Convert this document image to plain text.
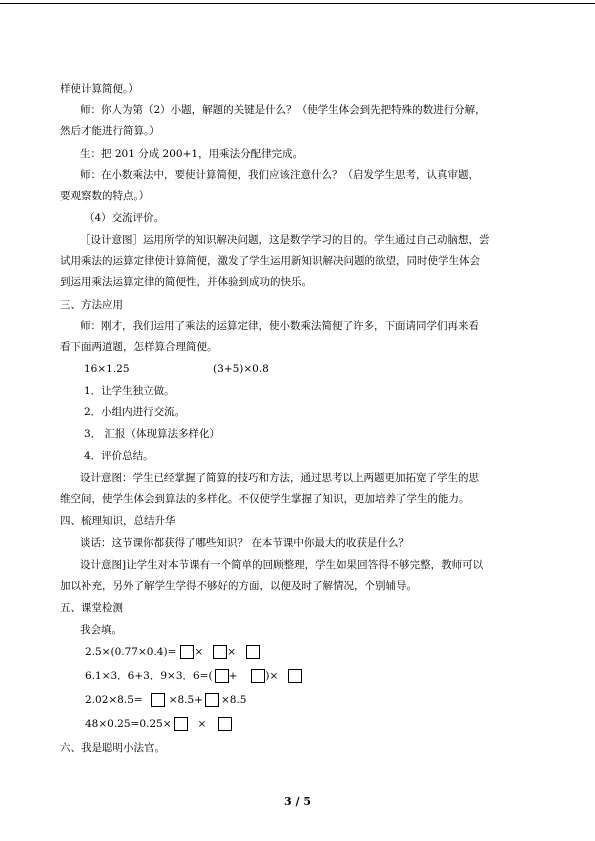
样使计算简便。）
师：你人为第（2）小题，解题的关键是什么？（使学生体会到先把特殊的数进行分解，
然后才能进行简算。）
生：把 201 分成 200+1，用乘法分配律完成。
师：在小数乘法中，要使计算简便，我们应该注意什么？（启发学生思考，认真审题，
要观察数的特点。）
（4）交流评价。
［设计意图］运用所学的知识解决问题，这是数学学习的目的。学生通过自己动脑想，尝
试用乘法的运算定律使计算简便，激发了学生运用新知识解决问题的欲望，同时使学生体会
到运用乘法运算定律的简便性，并体验到成功的快乐。
三、方法应用
师：刚才，我们运用了乘法的运算定律，使小数乘法简便了许多，下面请同学们再来看
看下面两道题，怎样算合理简便。
16×1.25	(3+5)×0.8
1．让学生独立做。
2．小组内进行交流。
3． 汇报（体现算法多样化）
4．评价总结。
设计意图：学生已经掌握了简算的技巧和方法，通过思考以上两题更加拓宽了学生的思
维空间，使学生体会到算法的多样化。不仅使学生掌握了知识，更加培养了学生的能力。
四、梳理知识，总结升华
谈话：这节课你都获得了哪些知识？ 在本节课中你最大的收获是什么？
设计意图]让学生对本节课有一个简单的回顾整理，学生如果回答得不够完整，教师可以
加以补充，另外了解学生学得不够好的方面，以便及时了解情况，个别辅导。
五、课堂检测
我会填。
2.5×(0.77×0.4)= × ×
6.1×3．6+3．9×3．6=( +	)×
2.02×8.5= ×8.5+ ×8.5
48×0.25=0.25× ×
六、我是聪明小法官。
3 / 5
